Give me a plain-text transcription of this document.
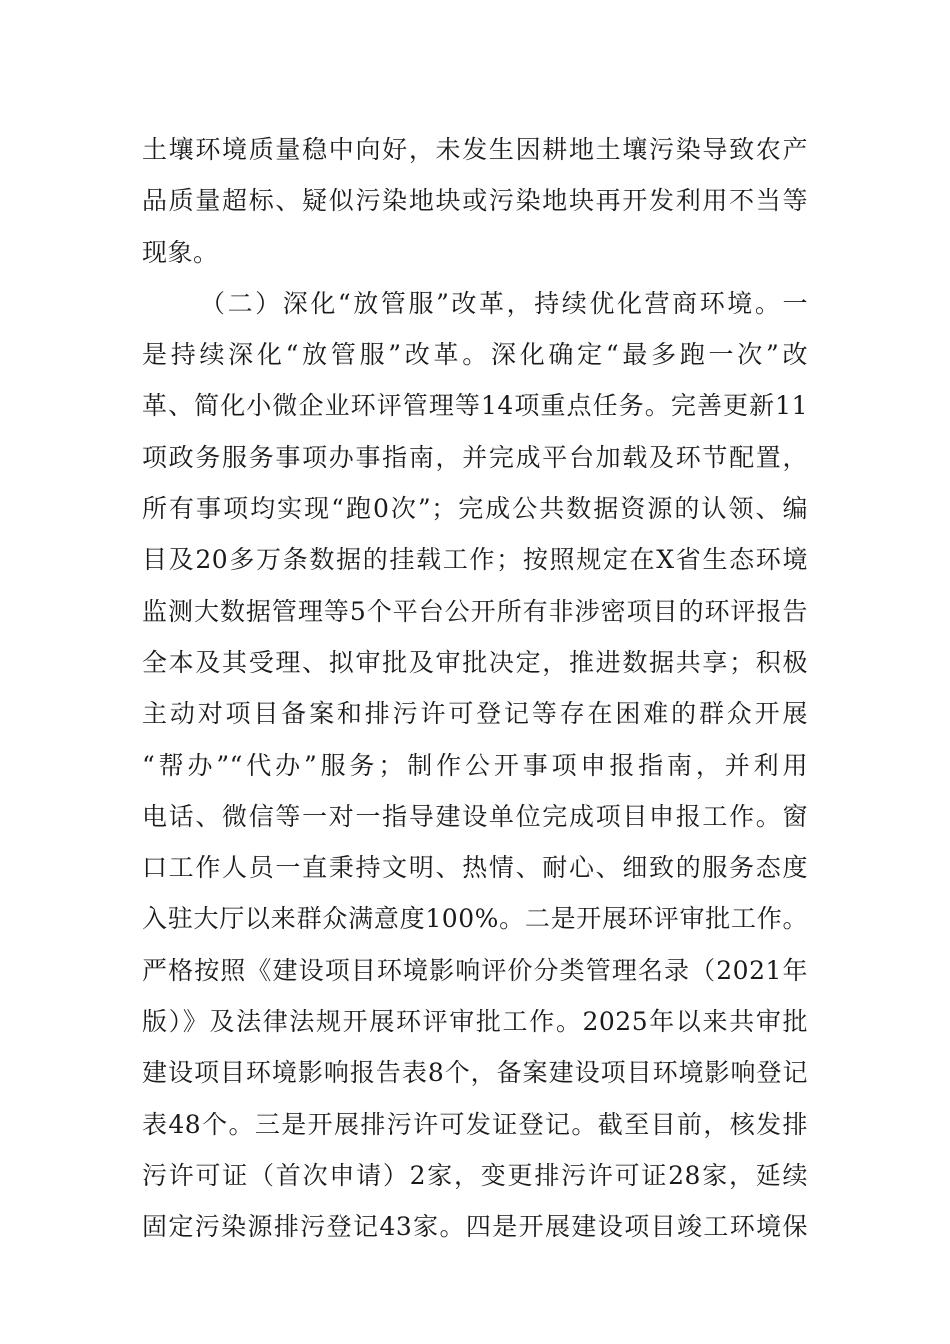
土壤环境质量稳中向好，未发生因耕地土壤污染导致农产
品质量超标、疑似污染地块或污染地块再开发利用不当等
现象。
（二）深化“放管服”改革，持续优化营商环境。一
是持续深化“放管服”改革。深化确定“最多跑一次”改
革、简化小微企业环评管理等14项重点任务。完善更新11
项政务服务事项办事指南，并完成平台加载及环节配置，
所有事项均实现“跑0次”；完成公共数据资源的认领、编
目及20多万条数据的挂载工作；按照规定在X省生态环境
监测大数据管理等5个平台公开所有非涉密项目的环评报告
全本及其受理、拟审批及审批决定，推进数据共享；积极
主动对项目备案和排污许可登记等存在困难的群众开展
“帮办”“代办”服务；制作公开事项申报指南，并利用
电话、微信等一对一指导建设单位完成项目申报工作。窗
口工作人员一直秉持文明、热情、耐心、细致的服务态度
入驻大厅以来群众满意度100%。二是开展环评审批工作。
严格按照《建设项目环境影响评价分类管理名录（2021年
版）》及法律法规开展环评审批工作。2025年以来共审批
建设项目环境影响报告表8个，备案建设项目环境影响登记
表48个。三是开展排污许可发证登记。截至目前，核发排
污许可证（首次申请）2家，变更排污许可证28家，延续
固定污染源排污登记43家。四是开展建设项目竣工环境保
